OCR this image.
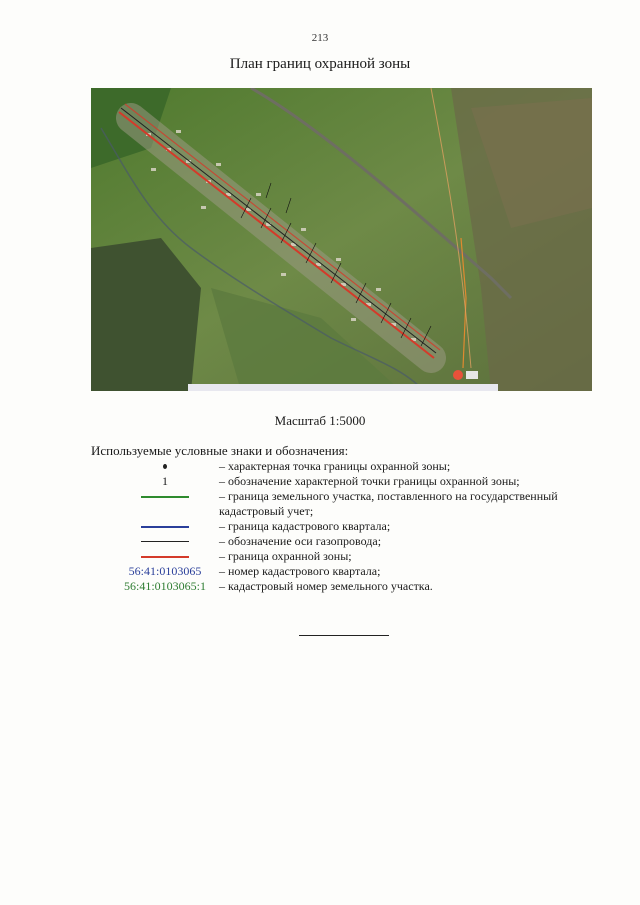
213
План границ охранной зоны
Масштаб 1:5000
Используемые условные знаки и обозначения:
– характерная точка границы охранной зоны;
1	– обозначение характерной точки границы охранной зоны;
– граница земельного участка, поставленного на государственный кадастровый учет;
– граница кадастрового квартала;
– обозначение оси газопровода;
– граница охранной зоны;
56:41:0103065 – номер кадастрового квартала;
56:41:0103065:1 – кадастровый номер земельного участка.
